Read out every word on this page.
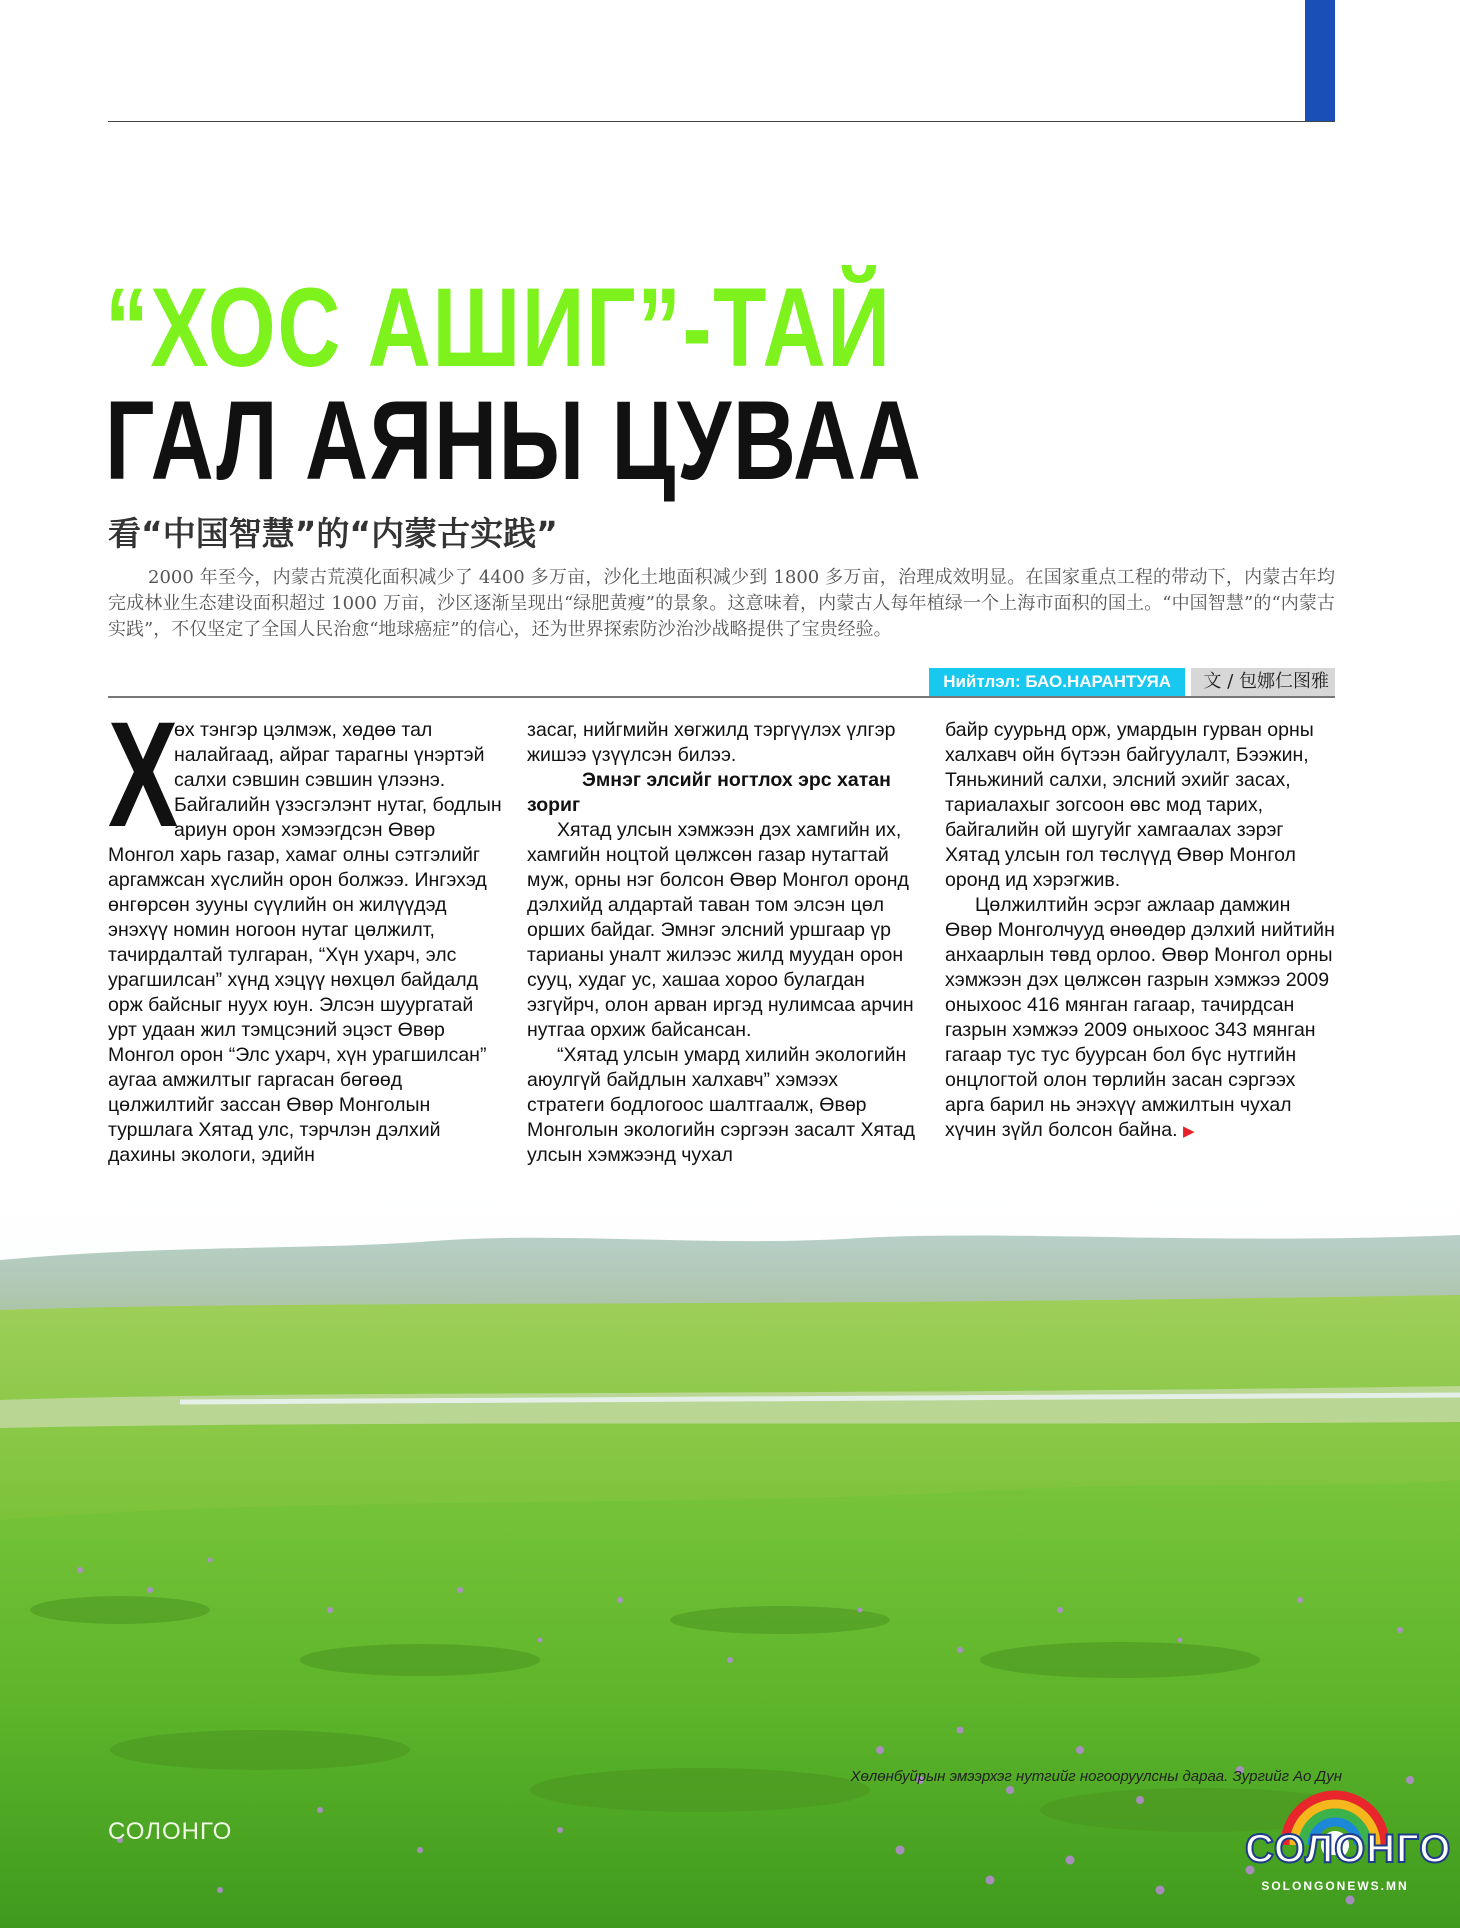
“ХОС АШИГ”-ТАЙ
ГАЛ АЯНЫ ЦУВАА
看“中国智慧”的“内蒙古实践”

2000 年至今，内蒙古荒漠化面积减少了 4400 多万亩，沙化土地面积减少到 1800 多万亩，治理成效明显。在国家重点工程的带动下，内蒙古年均完成林业生态建设面积超过 1000 万亩，沙区逐渐呈现出“绿肥黄瘦”的景象。这意味着，内蒙古人每年植绿一个上海市面积的国土。“中国智慧”的“内蒙古实践”，不仅坚定了全国人民治愈“地球癌症”的信心，还为世界探索防沙治沙战略提供了宝贵经验。

Нийтлэл: БАО.НАРАНТУЯА	文 / 包娜仁图雅
Х

өх тэнгэр цэлмэж, хөдөө тал налайгаад, айраг тарагны үнэртэй салхи сэвшин сэвшин үлээнэ. Байгалийн үзэсгэлэнт нутаг, бодлын ариун орон хэмээгдсэн Өвөр Монгол харь газар, хамаг олны сэтгэлийг аргамжсан хүслийн орон болжээ. Ингэхэд өнгөрсөн зууны сүүлийн он жилүүдэд энэхүү номин ногоон нутаг цөлжилт, тачирдалтай тулгаран, “Хүн ухарч, элс урагшилсан” хүнд хэцүү нөхцөл байдалд орж байсныг нуух юун. Элсэн шуургатай урт удаан жил тэмцсэний эцэст Өвөр Монгол орон “Элс ухарч, хүн урагшилсан” аугаа амжилтыг гаргасан бөгөөд цөлжилтийг зассан Өвөр Монголын туршлага Хятад улс, тэрчлэн дэлхий дахины экологи, эдийн

засаг, нийгмийн хөгжилд тэргүүлэх үлгэр жишээ үзүүлсэн билээ.

Эмнэг элсийг ногтлох эрс хатан зориг

Хятад улсын хэмжээн дэх хамгийн их, хамгийн ноцтой цөлжсөн газар нутагтай муж, орны нэг болсон Өвөр Монгол оронд дэлхийд алдартай таван том элсэн цөл орших байдаг. Эмнэг элсний уршгаар үр тарианы уналт жилээс жилд муудан орон сууц, худаг ус, хашаа хороо булагдан эзгүйрч, олон арван иргэд нулимсаа арчин нутгаа орхиж байсансан.

“Хятад улсын умард хилийн экологийн аюулгүй байдлын халхавч” хэмээх стратеги бодлогоос шалтгаалж, Өвөр Монголын экологийн сэргээн засалт Хятад улсын хэмжээнд чухал

байр суурьнд орж, умардын гурван орны халхавч ойн бүтээн байгуулалт, Бээжин, Тяньжиний салхи, элсний эхийг засах, тариалахыг зогсоон өвс мод тарих, байгалийн ой шугуйг хамгаалах зэрэг Хятад улсын гол төслүүд Өвөр Монгол оронд ид хэрэгжив.

Цөлжилтийн эсрэг ажлаар дамжин Өвөр Монголчууд өнөөдөр дэлхий нийтийн анхаарлын төвд орлоо. Өвөр Монгол орны хэмжээн дэх цөлжсөн газрын хэмжээ 2009 оныхоос 416 мянган гагаар, тачирдсан газрын хэмжээ 2009 оныхоос 343 мянган гагаар тус тус буурсан бол бүс нутгийн онцлогтой олон төрлийн засан сэргээх арга барил нь энэхүү амжилтын чухал хүчин зүйл болсон байна. ▶

Хөлөнбуйрын эмээрхэг нутгийг ногооруулсны дараа. Зургийг Ао Дун
СОЛОНГО	СОЛОНГО
SOLONGONEWS.MN
